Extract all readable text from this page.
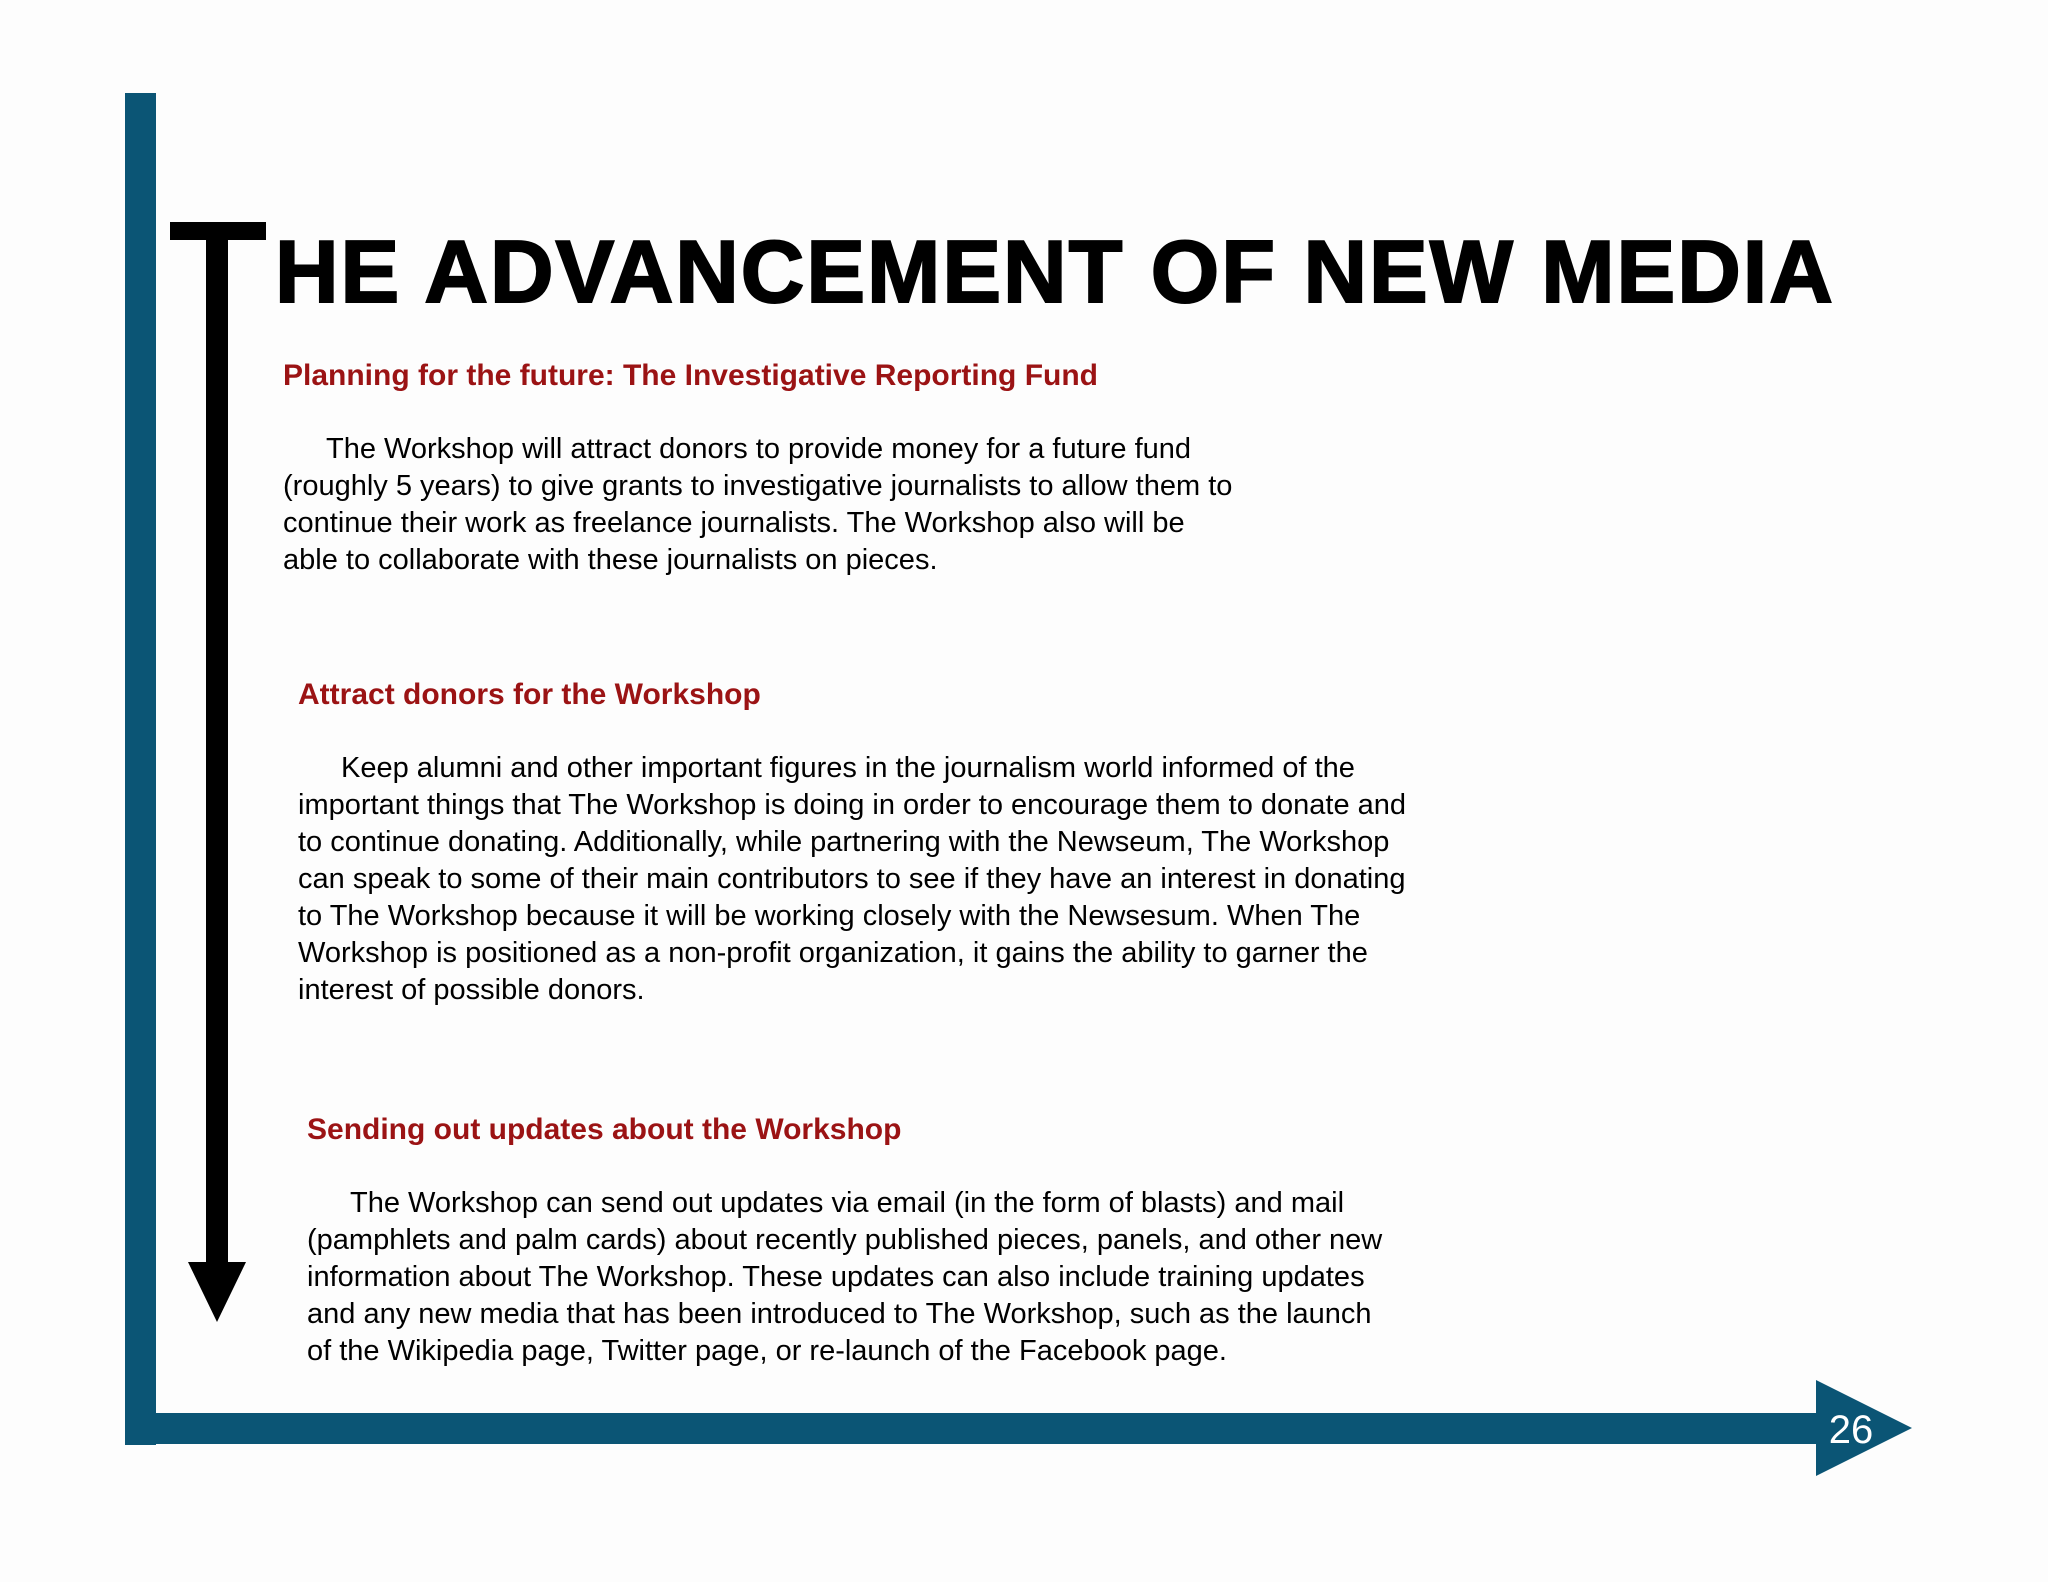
26
HE ADVANCEMENT OF NEW MEDIA
Planning for the future: The Investigative Reporting Fund

The Workshop will attract donors to provide money for a future fund
(roughly 5 years) to give grants to investigative journalists to allow them to
continue their work as freelance journalists. The Workshop also will be
able to collaborate with these journalists on pieces.

Attract donors for the Workshop

Keep alumni and other important figures in the journalism world informed of the
important things that The Workshop is doing in order to encourage them to donate and
to continue donating. Additionally, while partnering with the Newseum, The Workshop
can speak to some of their main contributors to see if they have an interest in donating
to The Workshop because it will be working closely with the Newsesum. When The
Workshop is positioned as a non-profit organization, it gains the ability to garner the
interest of possible donors.

Sending out updates about the Workshop

The Workshop can send out updates via email (in the form of blasts) and mail
(pamphlets and palm cards) about recently published pieces, panels, and other new
information about The Workshop. These updates can also include training updates
and any new media that has been introduced to The Workshop, such as the launch
of the Wikipedia page, Twitter page, or re-launch of the Facebook page.
